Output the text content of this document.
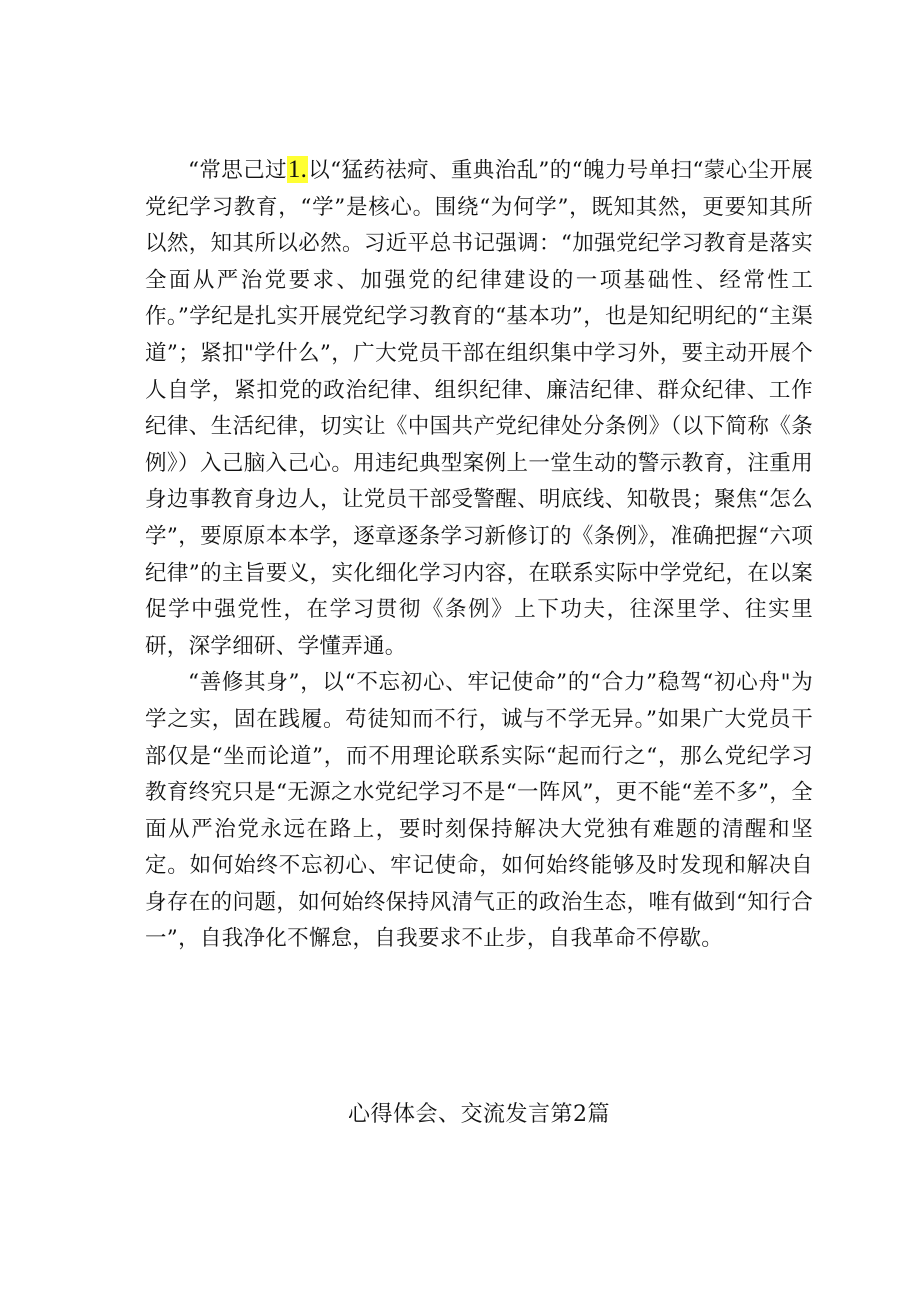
“常思己过1.以“猛药祛疴、重典治乱”的“魄力号单扫“蒙心尘开展党纪学习教育，“学”是核心。围绕“为何学”，既知其然，更要知其所以然，知其所以必然。习近平总书记强调：“加强党纪学习教育是落实全面从严治党要求、加强党的纪律建设的一项基础性、经常性工作。”学纪是扎实开展党纪学习教育的“基本功”，也是知纪明纪的“主渠道”；紧扣"学什么”，广大党员干部在组织集中学习外，要主动开展个人自学，紧扣党的政治纪律、组织纪律、廉洁纪律、群众纪律、工作纪律、生活纪律，切实让《中国共产党纪律处分条例》（以下简称《条例》）入己脑入己心。用违纪典型案例上一堂生动的警示教育，注重用身边事教育身边人，让党员干部受警醒、明底线、知敬畏；聚焦“怎么学”，要原原本本学，逐章逐条学习新修订的《条例》，准确把握“六项纪律”的主旨要义，实化细化学习内容，在联系实际中学党纪，在以案促学中强党性，在学习贯彻《条例》上下功夫，往深里学、往实里研，深学细研、学懂弄通。

“善修其身”，以“不忘初心、牢记使命”的“合力”稳驾“初心舟"为学之实，固在践履。苟徒知而不行，诚与不学无异。”如果广大党员干部仅是“坐而论道”，而不用理论联系实际“起而行之“，那么党纪学习教育终究只是“无源之水党纪学习不是“一阵风”，更不能“差不多”，全面从严治党永远在路上，要时刻保持解决大党独有难题的清醒和坚定。如何始终不忘初心、牢记使命，如何始终能够及时发现和解决自身存在的问题，如何始终保持风清气正的政治生态，唯有做到“知行合一”，自我净化不懈怠，自我要求不止步，自我革命不停歇。

心得体会、交流发言第2篇
